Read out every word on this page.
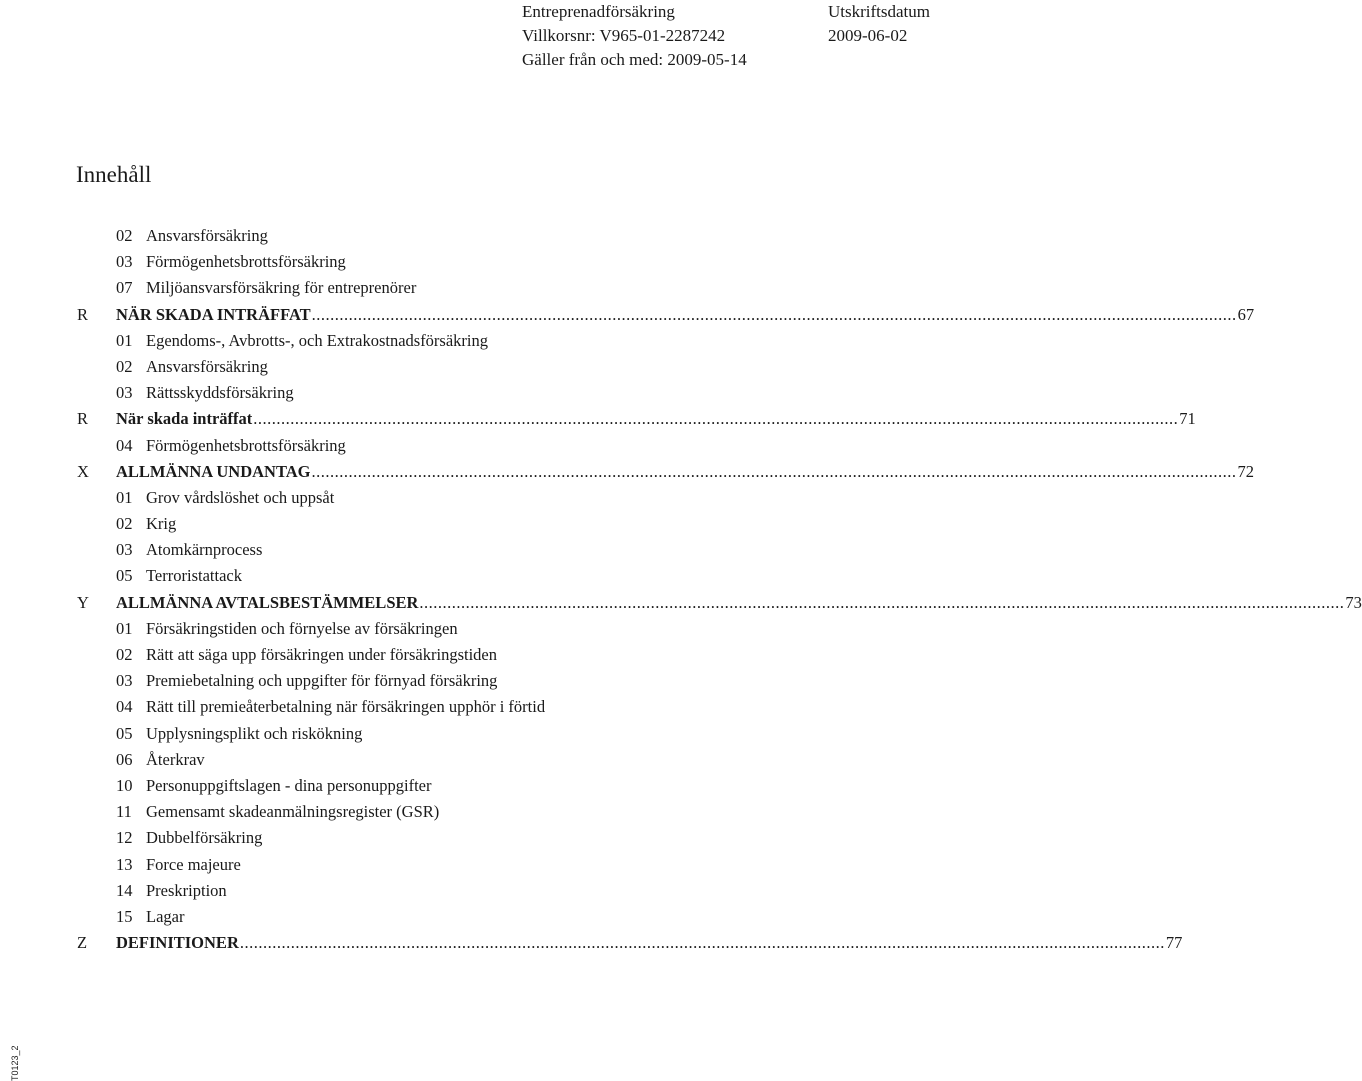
Entreprenadförsäkring
Villkorsnr: V965-01-2287242
Gäller från och med: 2009-05-14
Utskriftsdatum
2009-06-02
Innehåll
02 Ansvarsförsäkring
03 Förmögenhetsbrottsförsäkring
07 Miljöansvarsförsäkring för entreprenörer
R NÄR SKADA INTRÄFFAT ........................................................................................................................................................................................................ 67
01 Egendoms-, Avbrotts-, och Extrakostnadsförsäkring
02 Ansvarsförsäkring
03 Rättsskyddsförsäkring
R När skada inträffat ........................................................................................................................................................................................................ 71
04 Förmögenhetsbrottsförsäkring
X ALLMÄNNA UNDANTAG ........................................................................................................................................................................................................ 72
01 Grov vårdslöshet och uppsåt
02 Krig
03 Atomkärnprocess
05 Terroristattack
Y ALLMÄNNA AVTALSBESTÄMMELSER ........................................................................................................................................................................................................ 73
01 Försäkringstiden och förnyelse av försäkringen
02 Rätt att säga upp försäkringen under försäkringstiden
03 Premiebetalning och uppgifter för förnyad försäkring
04 Rätt till premieåterbetalning när försäkringen upphör i förtid
05 Upplysningsplikt och riskökning
06 Återkrav
10 Personuppgiftslagen - dina personuppgifter
11 Gemensamt skadeanmälningsregister (GSR)
12 Dubbelförsäkring
13 Force majeure
14 Preskription
15 Lagar
Z DEFINITIONER ........................................................................................................................................................................................................ 77
T0123_2
